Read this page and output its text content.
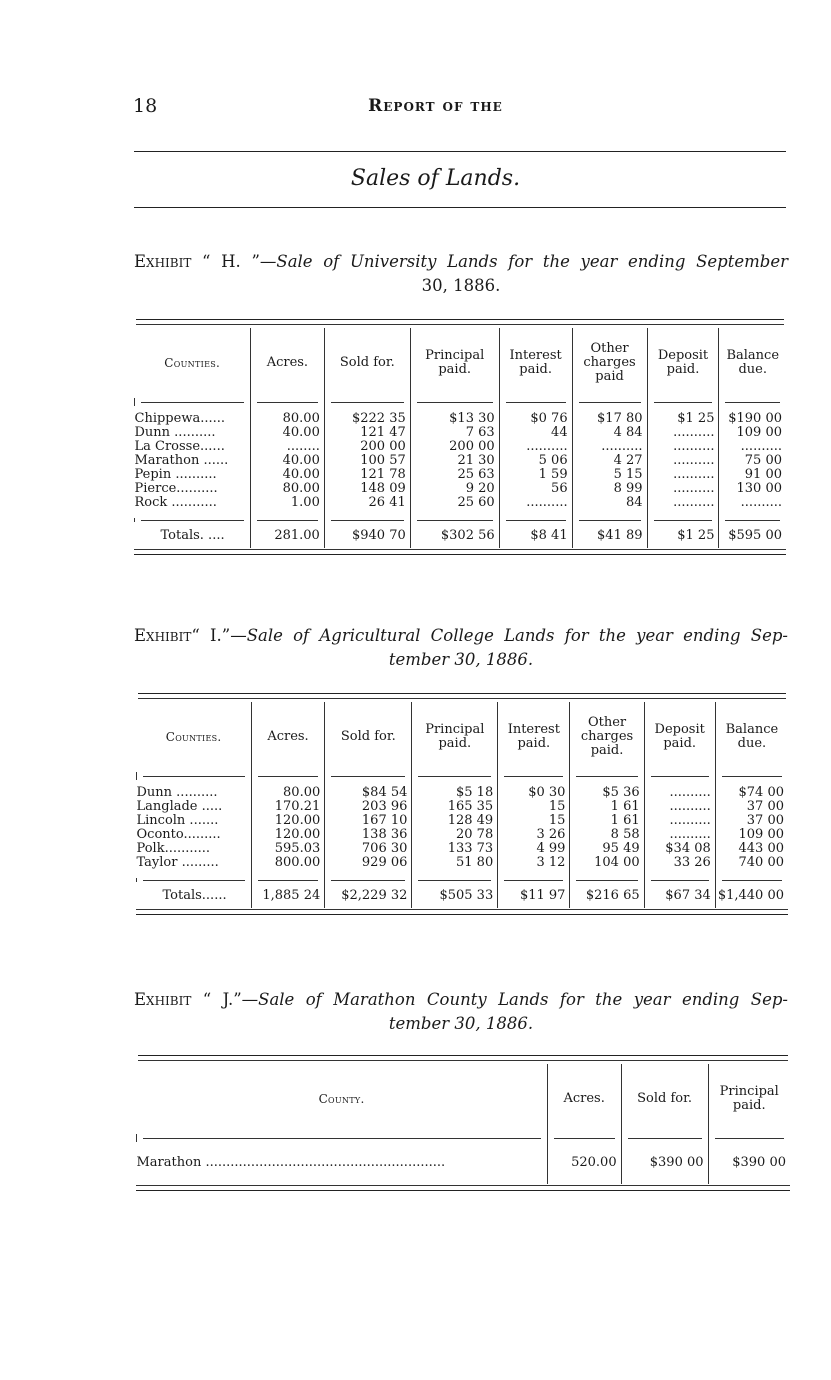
18	Report of the
Sales of Lands.
Exhibit “ H. ”—Sale of University Lands for the year ending September
30, 1886.
Counties.	Acres.	Sold for.	Principal paid.	Interest paid.	Other charges paid	Deposit paid.	Balance due.

Chippewa......	80.00	$222 35	$13 30	$0 76	$17 80	$1 25	$190 00
Dunn ..........	40.00	121 47	7 63	44	4 84	..........	109 00
La Crosse......	........	200 00	200 00	..........	..........	..........	..........
Marathon ......	40.00	100 57	21 30	5 06	4 27	..........	75 00
Pepin ..........	40.00	121 78	25 63	1 59	5 15	..........	91 00
Pierce..........	80.00	148 09	9 20	56	8 99	..........	130 00
Rock ...........	1.00	26 41	25 60	..........	84	..........	..........

Totals. ....	281.00	$940 70	$302 56	$8 41	$41 89	$1 25	$595 00
Exhibit“ I.”—Sale of Agricultural College Lands for the year ending Sep-
tember 30, 1886.
Counties.	Acres.	Sold for.	Principal paid.	Interest paid.	Other charges paid.	Deposit paid.	Balance due.

Dunn ..........	80.00	$84 54	$5 18	$0 30	$5 36	..........	$74 00
Langlade .....	170.21	203 96	165 35	15	1 61	..........	37 00
Lincoln .......	120.00	167 10	128 49	15	1 61	..........	37 00
Oconto.........	120.00	138 36	20 78	3 26	8 58	..........	109 00
Polk...........	595.03	706 30	133 73	4 99	95 49	$34 08	443 00
Taylor .........	800.00	929 06	51 80	3 12	104 00	33 26	740 00

Totals......	1,885 24	$2,229 32	$505 33	$11 97	$216 65	$67 34	$1,440 00
Exhibit “ J.”—Sale of Marathon County Lands for the year ending Sep-
tember 30, 1886.
County.	Acres.	Sold for.	Principal paid.

Marathon ..........................................................	520.00	$390 00	$390 00
